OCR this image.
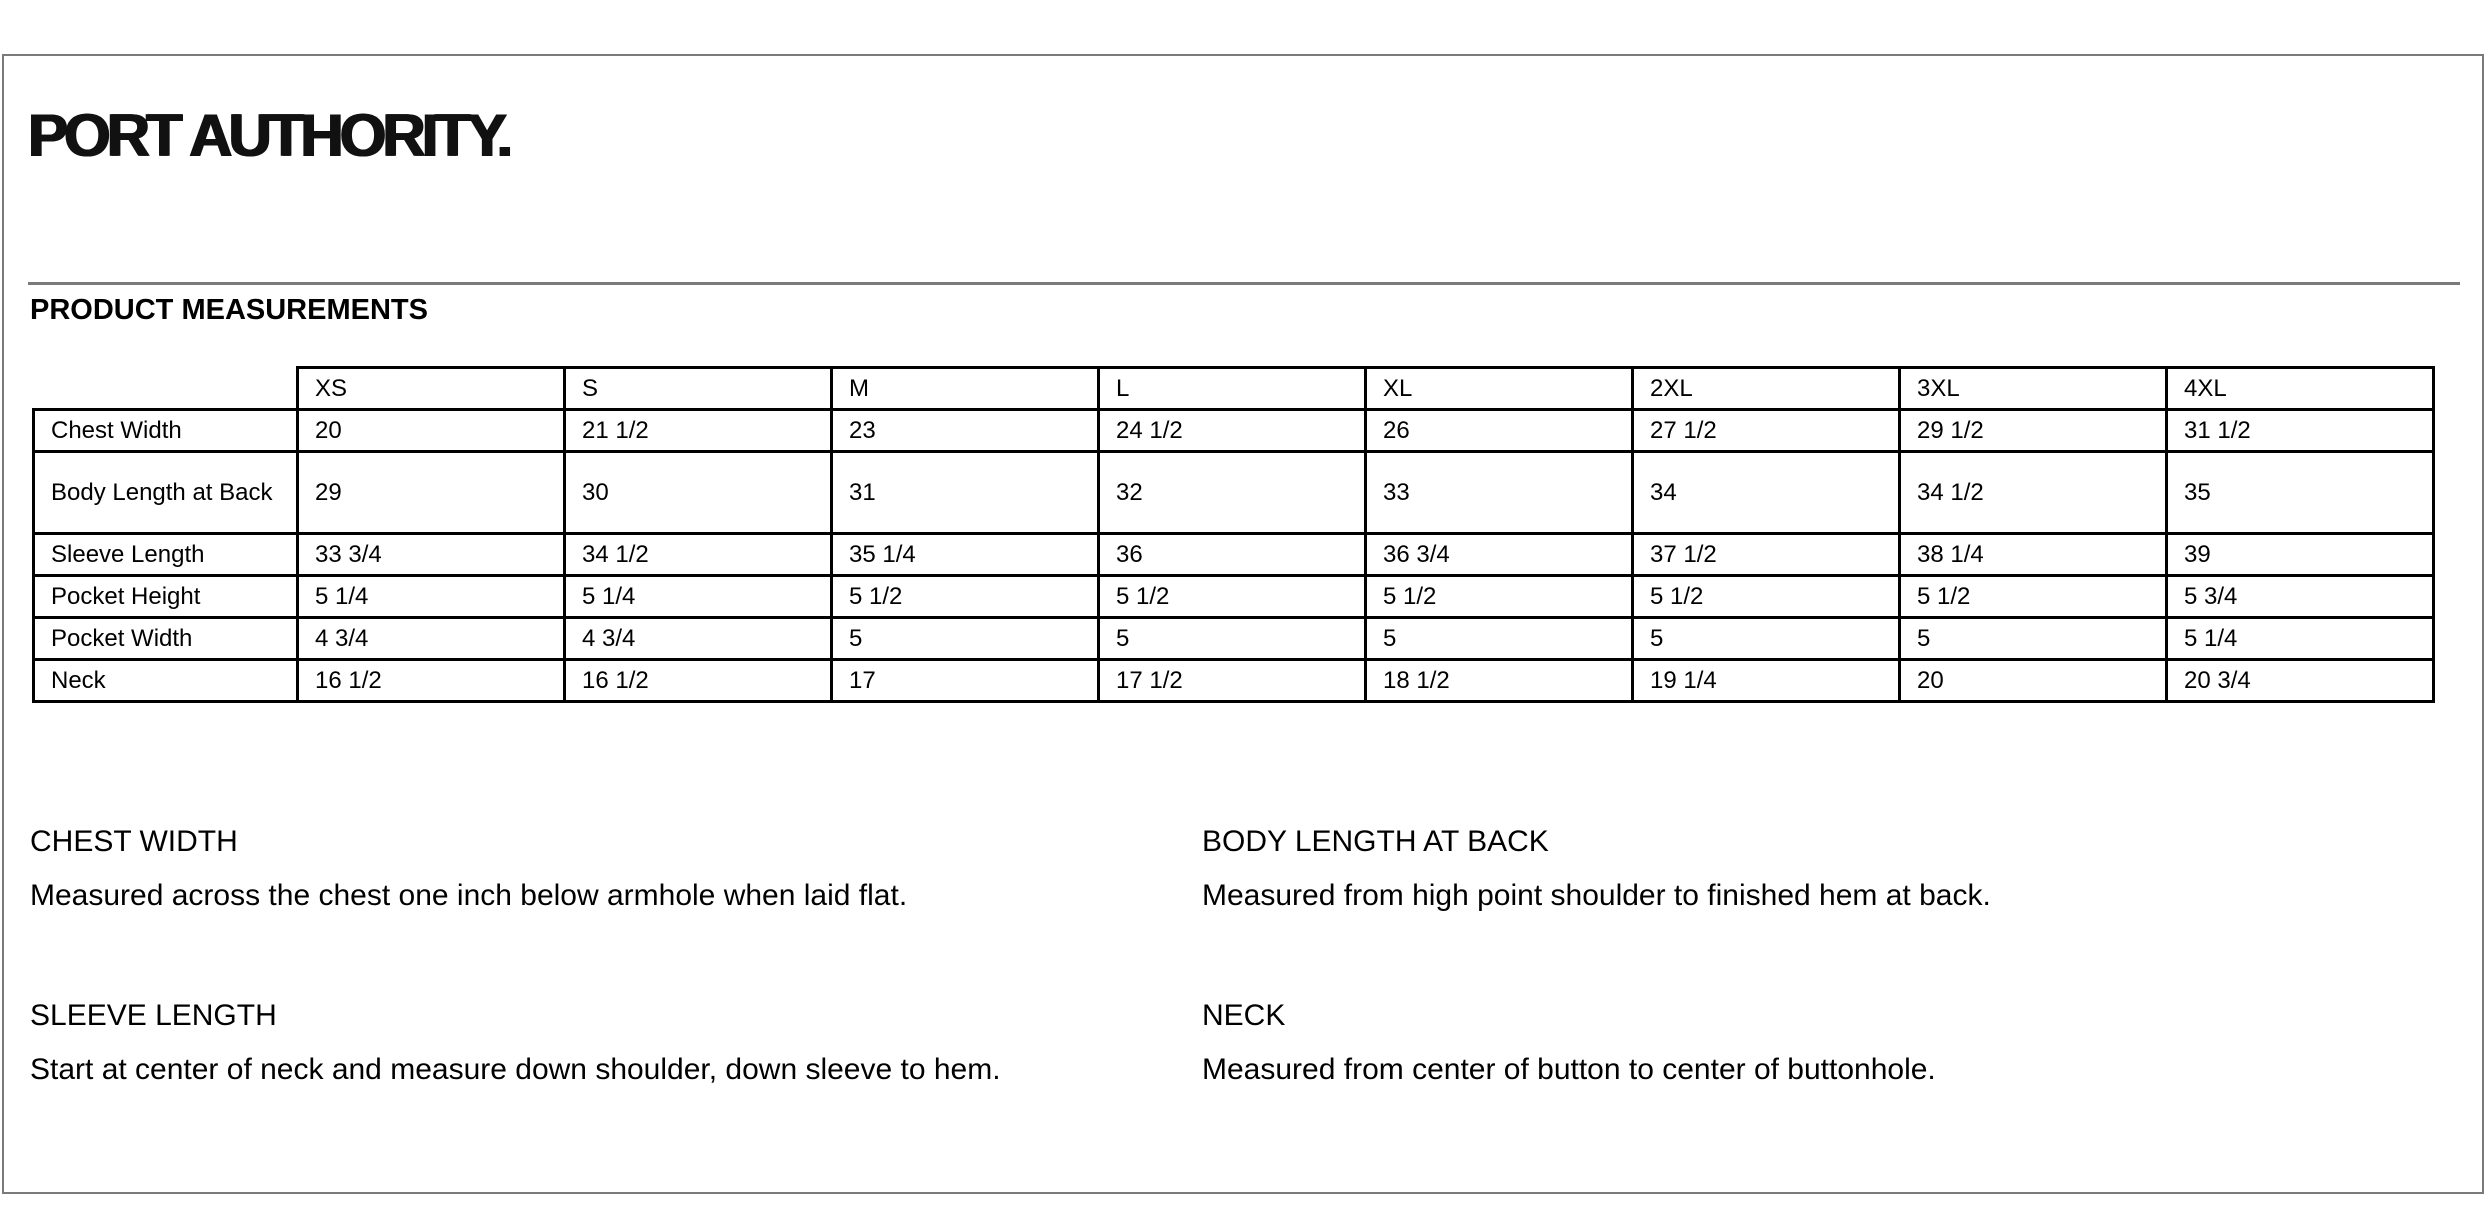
PORT AUTHORITY.
PRODUCT MEASUREMENTS
	XS	S	M	L	XL	2XL	3XL	4XL
Chest Width	20	21 1/2	23	24 1/2	26	27 1/2	29 1/2	31 1/2
Body Length at Back	29	30	31	32	33	34	34 1/2	35
Sleeve Length	33 3/4	34 1/2	35 1/4	36	36 3/4	37 1/2	38 1/4	39
Pocket Height	5 1/4	5 1/4	5 1/2	5 1/2	5 1/2	5 1/2	5 1/2	5 3/4
Pocket Width	4 3/4	4 3/4	5	5	5	5	5	5 1/4
Neck	16 1/2	16 1/2	17	17 1/2	18 1/2	19 1/4	20	20 3/4
CHEST WIDTH
Measured across the chest one inch below armhole when laid flat.
BODY LENGTH AT BACK
Measured from high point shoulder to finished hem at back.
SLEEVE LENGTH
Start at center of neck and measure down shoulder, down sleeve to hem.
NECK
Measured from center of button to center of buttonhole.
